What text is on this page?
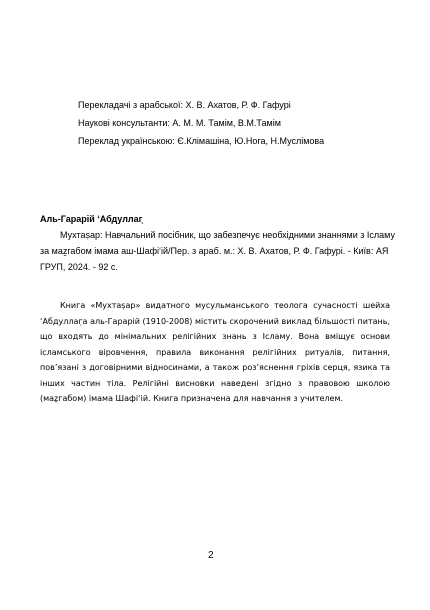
Перекладачі з арабської: Х. В. Ахатов, Р. Ф. Гафурі
Наукові консультанти: А. М. М. Тамім, В.М.Тамім
Переклад українською: Є.Клімашіна, Ю.Нога, Н.Муслімова
Аль-Гарарій ‘Абдуллаг̣

Мухтаṣар: Навчальний посібник, що забезпечує необхідними знаннями з Ісламу за маẕгабом імама аш-Шафі‘ій/Пер. з араб. м.: Х. В. Ахатов, Р. Ф. Гафурі. - Київ: АЯ ГРУП, 2024. - 92 с.

Книга «Мухтаṣар» видатного мусульманського теолога сучасності шейха ‘Абдуллаг̣а аль-Гарарій (1910-2008) містить скорочений виклад більшості питань, що входять до мінімальних релігійних знань з Ісламу. Вона вміщує основи ісламського віровчення, правила виконання релігійних ритуалів, питання, пов’язані з договірними відносинами, а також роз’яснення гріхів серця, язика та інших частин тіла. Релігійні висновки наведені згідно з правовою школою (маẕгабом) імама Шафі‘ій. Книга призначена для навчання з учителем.

2
